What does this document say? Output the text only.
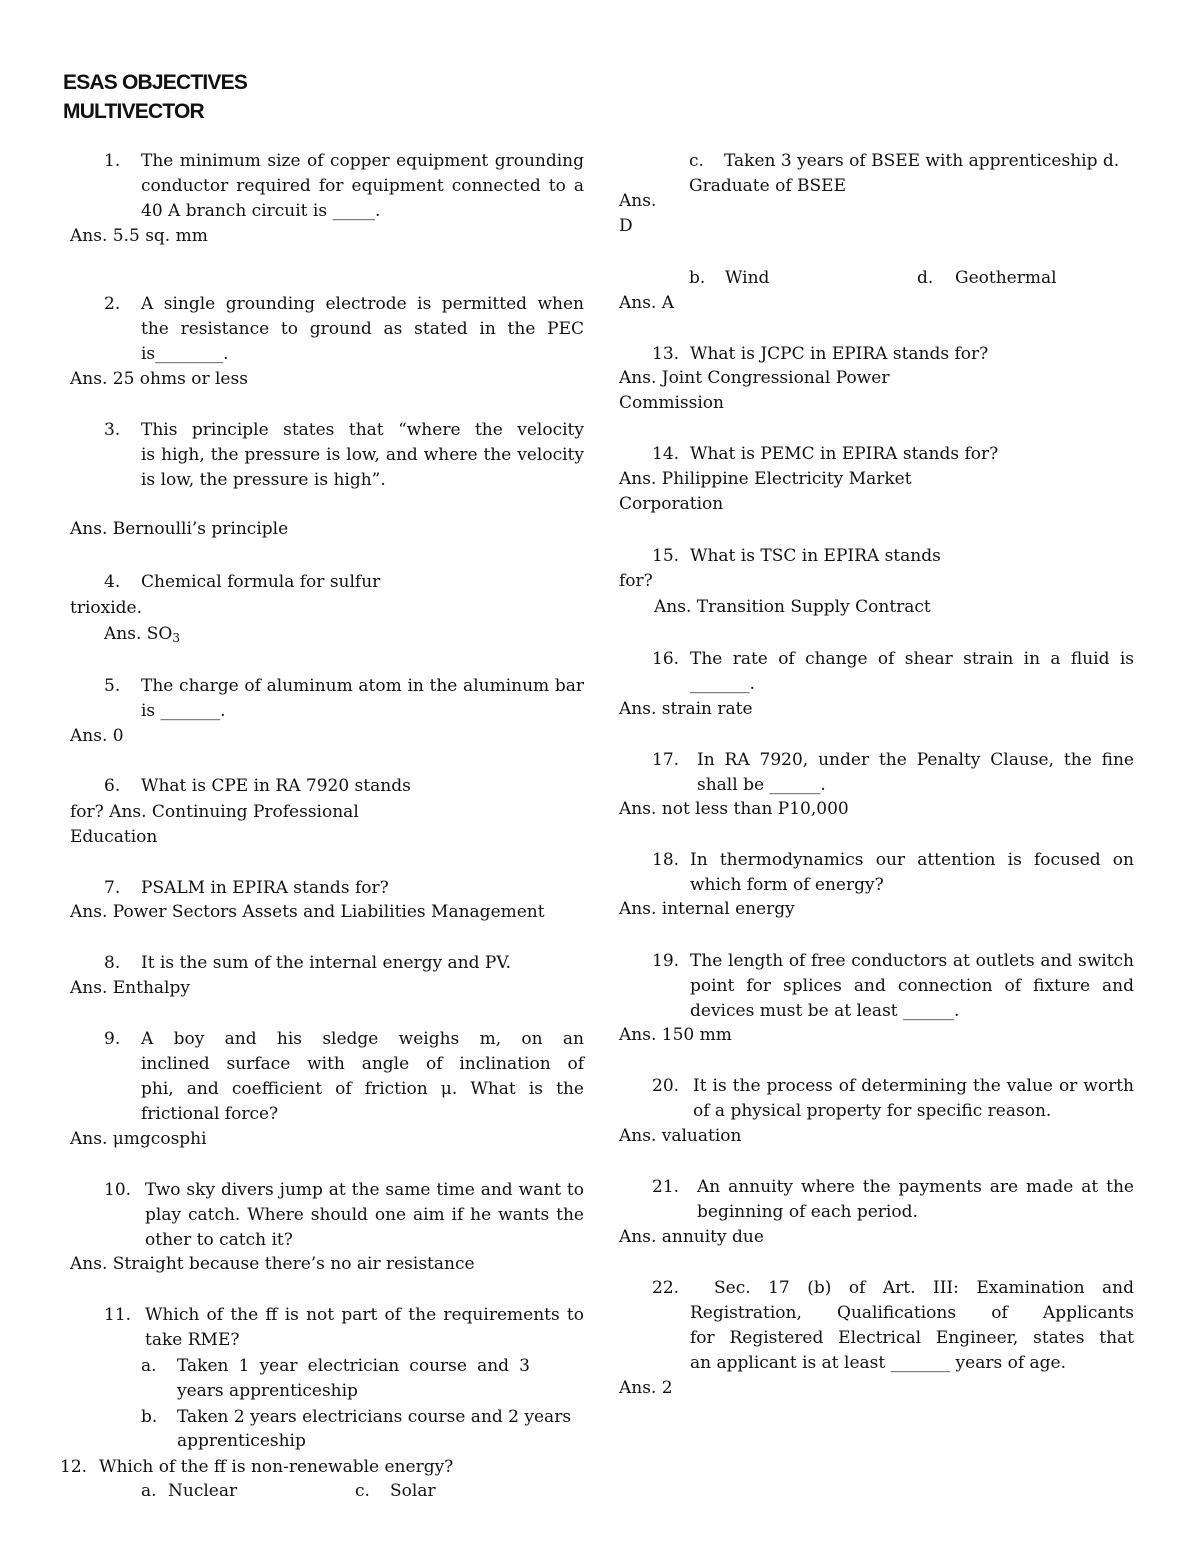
ESAS OBJECTIVES
MULTIVECTOR
1. The minimum size of copper equipment grounding
conductor required for equipment connected to a
40 A branch circuit is _____.
Ans. 5.5 sq. mm
2. A single grounding electrode is permitted when
the resistance to ground as stated in the PEC
is________.
Ans. 25 ohms or less
3. This principle states that “where the velocity
is high, the pressure is low, and where the velocity
is low, the pressure is high”.
Ans. Bernoulli’s principle
4. Chemical formula for sulfur
trioxide.
Ans. $SO_3$
5. The charge of aluminum atom in the aluminum bar
is _______.
Ans. 0
6. What is CPE in RA 7920 stands
for? Ans. Continuing Professional
Education
7. PSALM in EPIRA stands for?
Ans. Power Sectors Assets and Liabilities Management
8. It is the sum of the internal energy and PV.
Ans. Enthalpy
9. A boy and his sledge weighs m, on an
inclined surface with angle of inclination of
phi, and coefficient of friction μ. What is the
frictional force?
Ans. μmgcosphi
10. Two sky divers jump at the same time and want to
play catch. Where should one aim if he wants the
other to catch it?
Ans. Straight because there’s no air resistance
11. Which of the ff is not part of the requirements to
take RME?
a. Taken 1 year electrician course and 3
years apprenticeship
b. Taken 2 years electricians course and 2 years
apprenticeship
12. Which of the ff is non-renewable energy?
a. Nuclear	c. Solar
c. Taken 3 years of BSEE with apprenticeship d.
Graduate of BSEE
Ans.
D
b. Wind	d. Geothermal
Ans. A
13. What is JCPC in EPIRA stands for?
Ans. Joint Congressional Power
Commission
14. What is PEMC in EPIRA stands for?
Ans. Philippine Electricity Market
Corporation
15. What is TSC in EPIRA stands
for?
Ans. Transition Supply Contract
16. The rate of change of shear strain in a fluid is
_______.
Ans. strain rate
17. In RA 7920, under the Penalty Clause, the fine
shall be ______.
Ans. not less than P10,000
18. In thermodynamics our attention is focused on
which form of energy?
Ans. internal energy
19. The length of free conductors at outlets and switch
point for splices and connection of fixture and
devices must be at least ______.
Ans. 150 mm
20. It is the process of determining the value or worth
of a physical property for specific reason.
Ans. valuation
21. An annuity where the payments are made at the
beginning of each period.
Ans. annuity due
22.	Sec. 17 (b) of Art. III: Examination and
Registration, Qualifications of Applicants
for Registered Electrical Engineer, states that
an applicant is at least _______ years of age.
Ans. 2
